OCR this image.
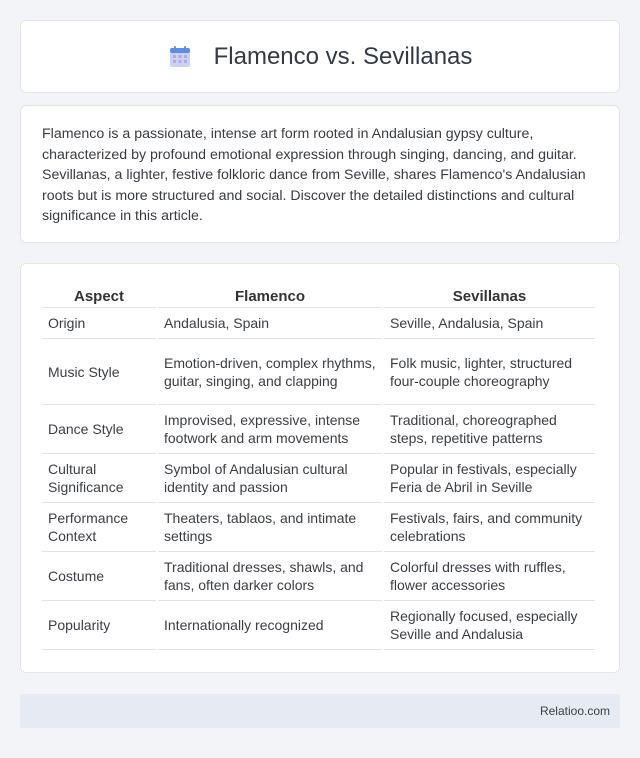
Flamenco vs. Sevillanas

Flamenco is a passionate, intense art form rooted in Andalusian gypsy culture, characterized by profound emotional expression through singing, dancing, and guitar. Sevillanas, a lighter, festive folkloric dance from Seville, shares Flamenco's Andalusian roots but is more structured and social. Discover the detailed distinctions and cultural significance in this article.

Aspect	Flamenco	Sevillanas
Origin	Andalusia, Spain	Seville, Andalusia, Spain
Music Style	Emotion-driven, complex rhythms, guitar, singing, and clapping	Folk music, lighter, structured four-couple choreography
Dance Style	Improvised, expressive, intense footwork and arm movements	Traditional, choreographed steps, repetitive patterns
Cultural Significance	Symbol of Andalusian cultural identity and passion	Popular in festivals, especially Feria de Abril in Seville
Performance Context	Theaters, tablaos, and intimate settings	Festivals, fairs, and community celebrations
Costume	Traditional dresses, shawls, and fans, often darker colors	Colorful dresses with ruffles, flower accessories
Popularity	Internationally recognized	Regionally focused, especially Seville and Andalusia
Relatioo.com
